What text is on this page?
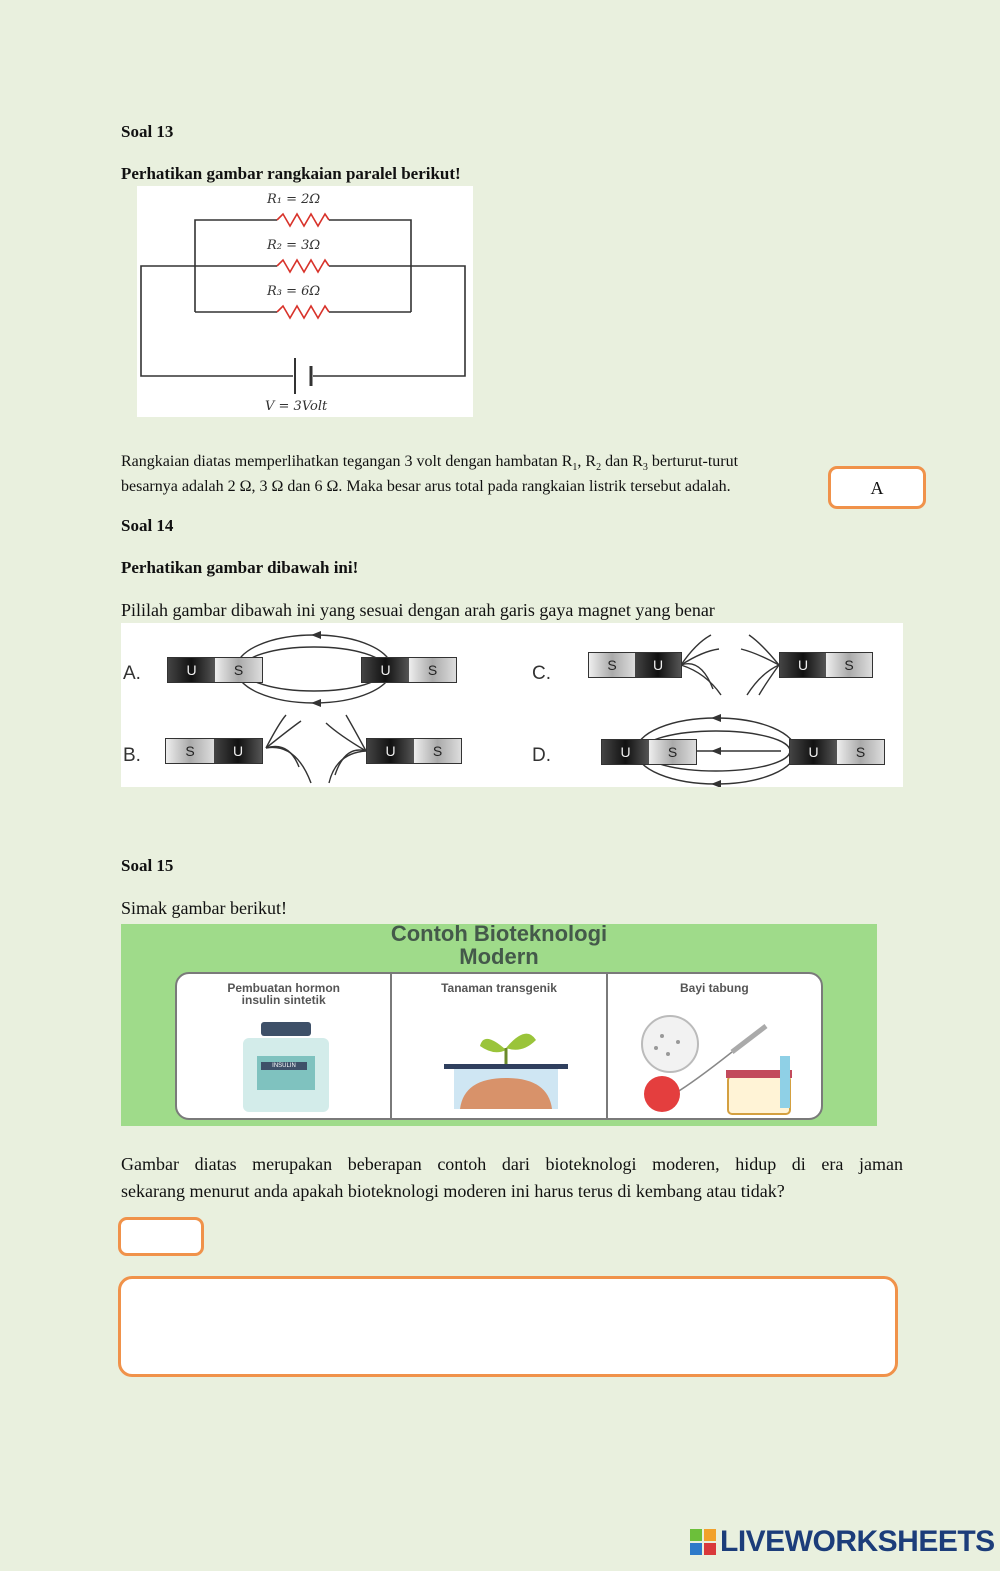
Soal 13
Perhatikan gambar rangkaian paralel berikut!
R₁ = 2Ω
R₂ = 3Ω
R₃ = 6Ω
V = 3Volt
Rangkaian diatas memperlihatkan tegangan 3 volt dengan hambatan $R_1$, $R_2$ dan $R_3$ berturut-turut
besarnya adalah 2 Ω, 3 Ω dan 6 Ω. Maka besar arus total pada rangkaian listrik tersebut adalah.	A
Soal 14
Perhatikan gambar dibawah ini!
Pililah gambar dibawah ini yang sesuai dengan arah garis gaya magnet yang benar
A.	U	S	U	S
B.	S	U	U	S
C.	S	U	U	S
D.	U	S	U	S
Soal 15
Simak gambar berikut!
Contoh Bioteknologi
Modern
Pembuatan hormon
insulin sintetik
INSULIN
Tanaman transgenik	Bayi tabung
Gambar diatas merupakan beberapan contoh dari bioteknologi moderen, hidup di era jaman
sekarang menurut anda apakah bioteknologi moderen ini harus terus di kembang atau tidak?
LIVEWORKSHEETS
